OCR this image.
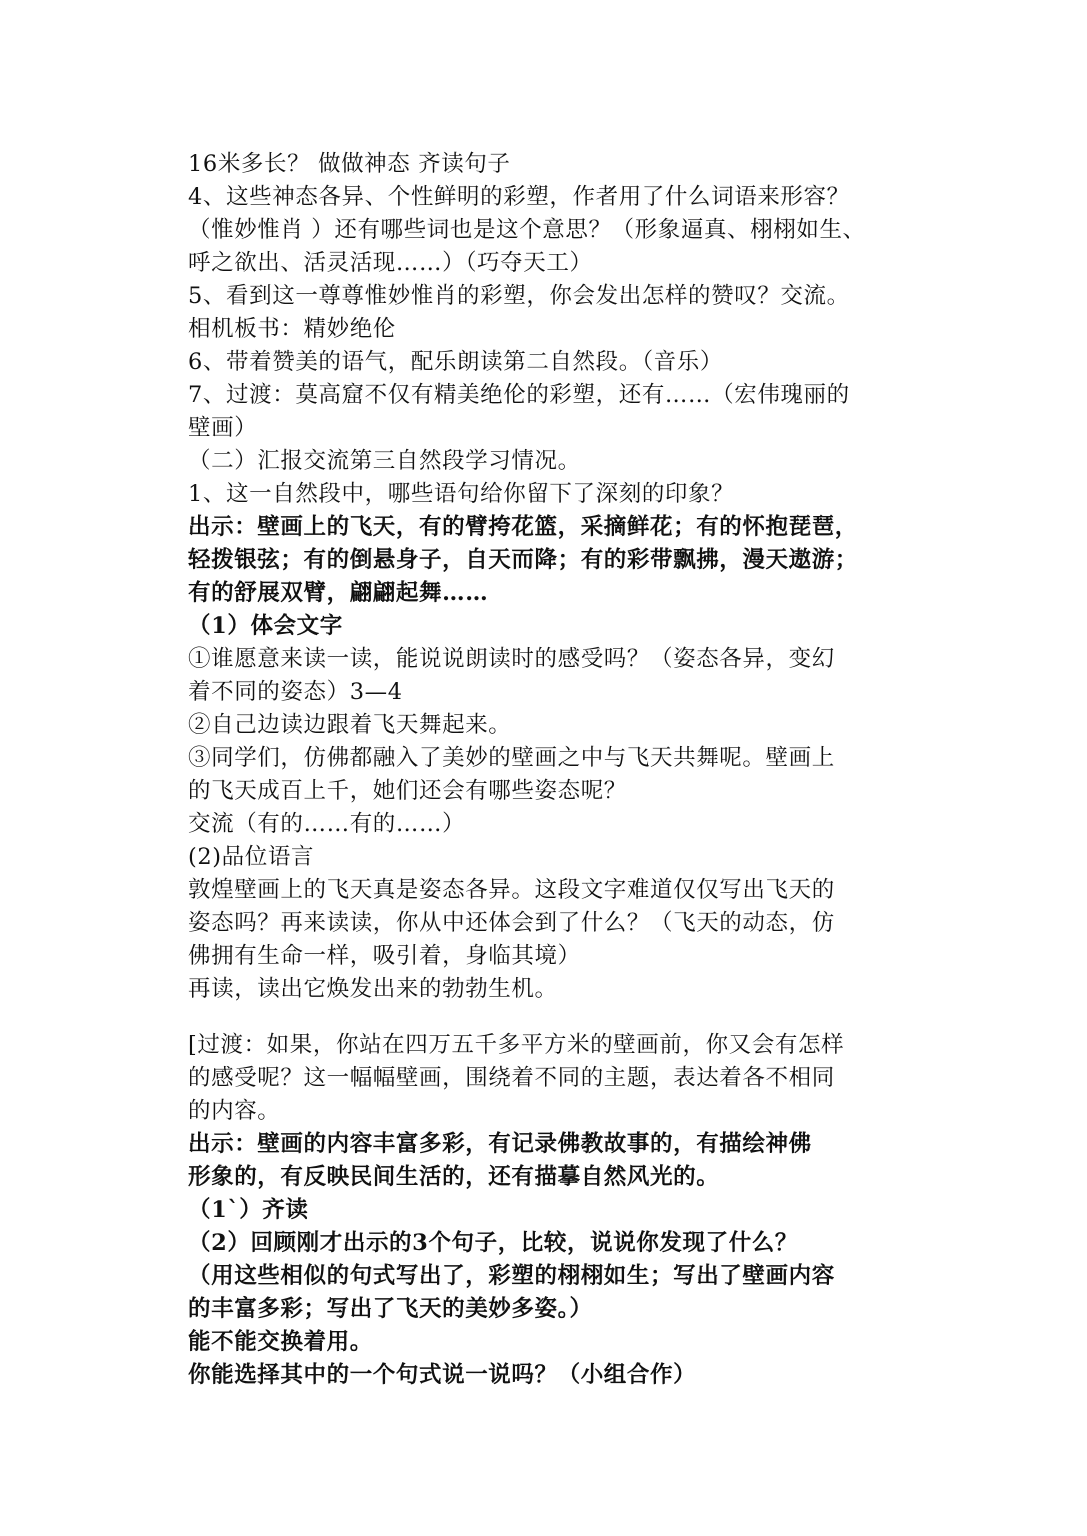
16米多长？ 做做神态 齐读句子
4、这些神态各异、个性鲜明的彩塑，作者用了什么词语来形容？
（惟妙惟肖 ）还有哪些词也是这个意思？（形象逼真、栩栩如生、
呼之欲出、活灵活现……）（巧夺天工）
5、看到这一尊尊惟妙惟肖的彩塑，你会发出怎样的赞叹？交流。
相机板书：精妙绝伦
6、带着赞美的语气，配乐朗读第二自然段。（音乐）
7、过渡：莫高窟不仅有精美绝伦的彩塑，还有……（宏伟瑰丽的
壁画）
（二）汇报交流第三自然段学习情况。
1、这一自然段中，哪些语句给你留下了深刻的印象？
出示：壁画上的飞天，有的臂挎花篮，采摘鲜花；有的怀抱琵琶，
轻拨银弦；有的倒悬身子，自天而降；有的彩带飘拂，漫天遨游；
有的舒展双臂，翩翩起舞……
（1）体会文字
①谁愿意来读一读，能说说朗读时的感受吗？（姿态各异，变幻
着不同的姿态）3—4
②自己边读边跟着飞天舞起来。
③同学们，仿佛都融入了美妙的壁画之中与飞天共舞呢。壁画上
的飞天成百上千，她们还会有哪些姿态呢？
交流（有的……有的……）
(2)品位语言
敦煌壁画上的飞天真是姿态各异。这段文字难道仅仅写出飞天的
姿态吗？再来读读，你从中还体会到了什么？（飞天的动态，仿
佛拥有生命一样，吸引着，身临其境）
再读，读出它焕发出来的勃勃生机。
[过渡：如果，你站在四万五千多平方米的壁画前，你又会有怎样
的感受呢？这一幅幅壁画，围绕着不同的主题，表达着各不相同
的内容。
出示：壁画的内容丰富多彩，有记录佛教故事的，有描绘神佛
形象的，有反映民间生活的，还有描摹自然风光的。
（1`）齐读
（2）回顾刚才出示的3个句子，比较，说说你发现了什么？
（用这些相似的句式写出了，彩塑的栩栩如生；写出了壁画内容
的丰富多彩；写出了飞天的美妙多姿。）
能不能交换着用。
你能选择其中的一个句式说一说吗？（小组合作）
